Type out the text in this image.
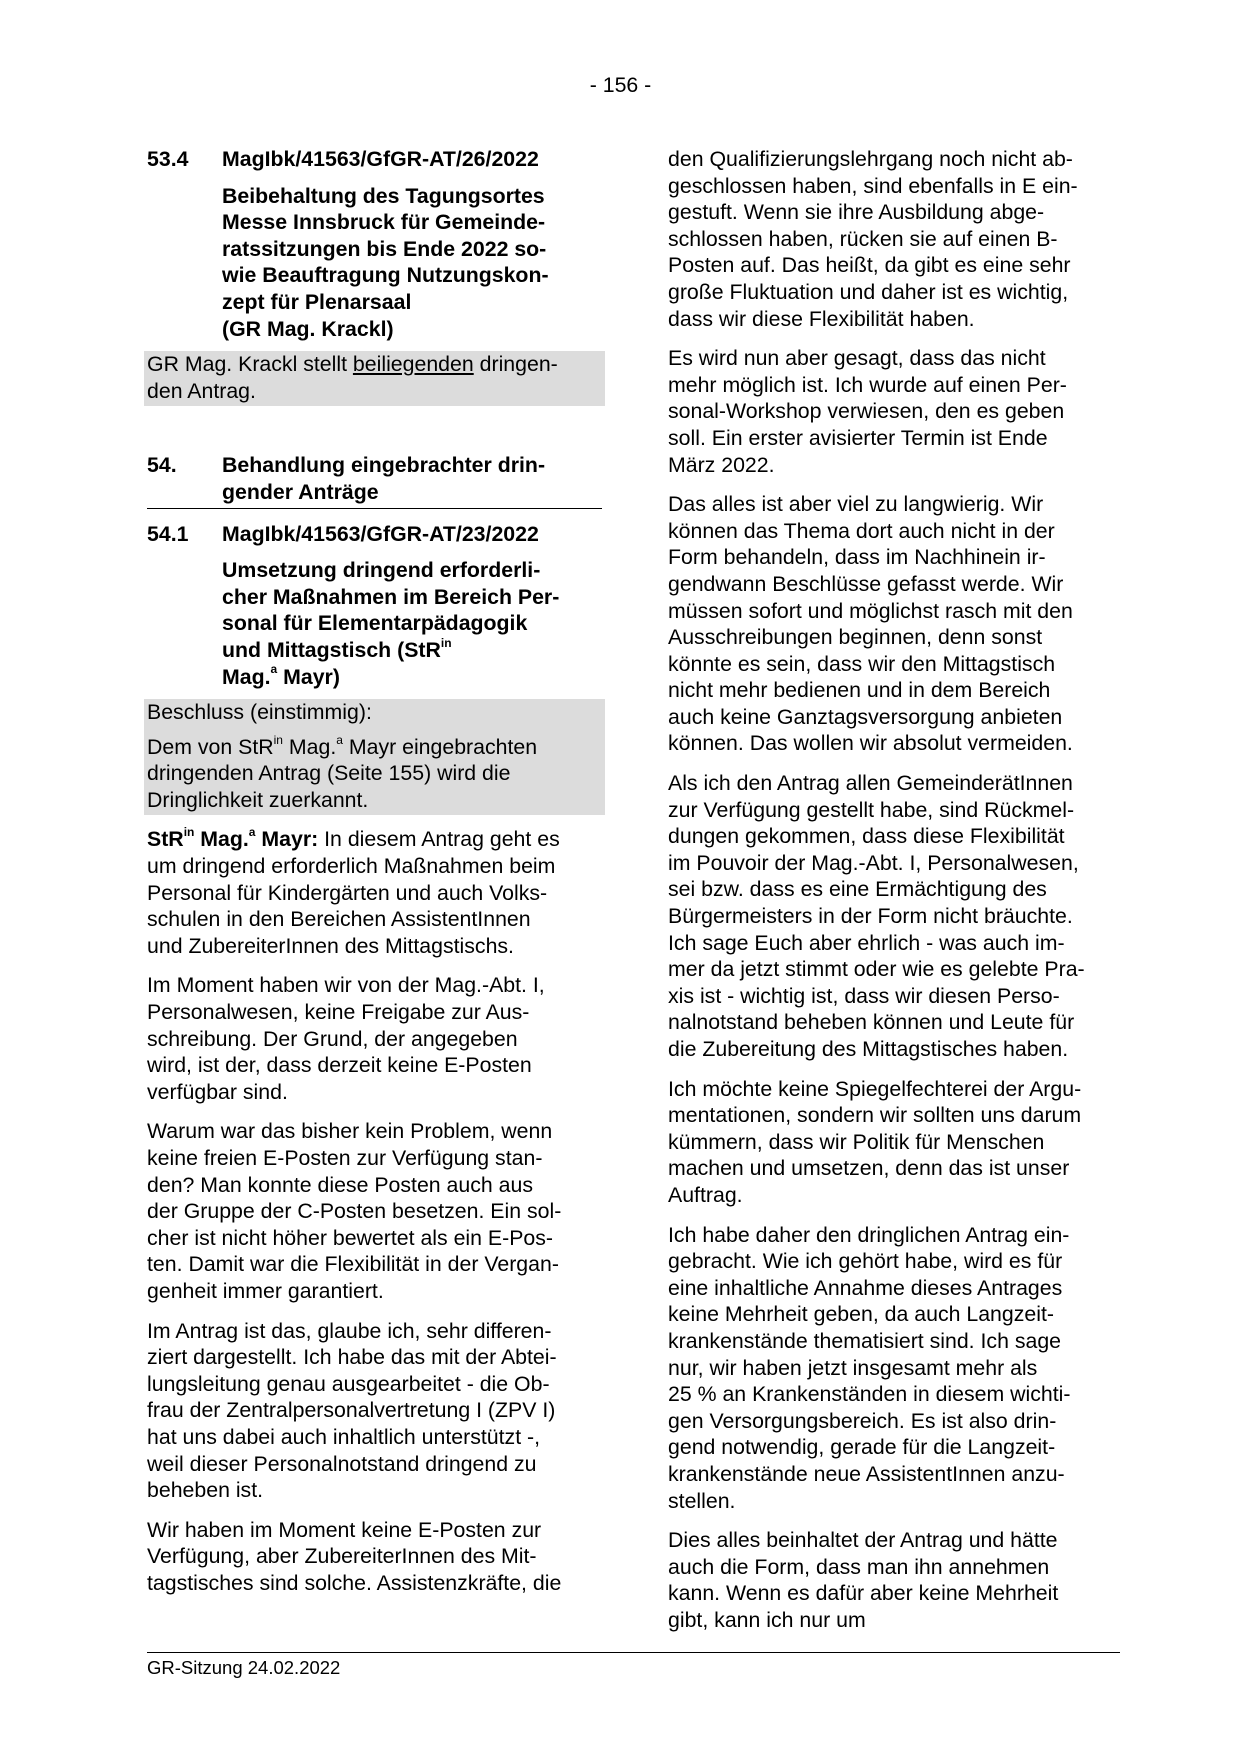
- 156 -
53.4	MagIbk/41563/GfGR-AT/26/2022
Beibehaltung des Tagungsortes
Messe Innsbruck für Gemeinde-
ratssitzungen bis Ende 2022 so-
wie Beauftragung Nutzungskon-
zept für Plenarsaal
(GR Mag. Krackl)

GR Mag. Krackl stellt beiliegenden dringen-
den Antrag.

54.	Behandlung eingebrachter drin-
gender Anträge
54.1	MagIbk/41563/GfGR-AT/23/2022
Umsetzung dringend erforderli-
cher Maßnahmen im Bereich Per-
sonal für Elementarpädagogik
und Mittagstisch (StR$^{in}$
Mag.$^a$ Mayr)

Beschluss (einstimmig):

Dem von StR$^{in}$ Mag.$^a$ Mayr eingebrachten
dringenden Antrag (Seite 155) wird die
Dringlichkeit zuerkannt.

StR$^{in}$ Mag.$^a$ Mayr: In diesem Antrag geht es
um dringend erforderlich Maßnahmen beim
Personal für Kindergärten und auch Volks-
schulen in den Bereichen AssistentInnen
und ZubereiterInnen des Mittagstischs.
Im Moment haben wir von der Mag.-Abt. I,
Personalwesen, keine Freigabe zur Aus-
schreibung. Der Grund, der angegeben
wird, ist der, dass derzeit keine E-Posten
verfügbar sind.
Warum war das bisher kein Problem, wenn
keine freien E-Posten zur Verfügung stan-
den? Man konnte diese Posten auch aus
der Gruppe der C-Posten besetzen. Ein sol-
cher ist nicht höher bewertet als ein E-Pos-
ten. Damit war die Flexibilität in der Vergan-
genheit immer garantiert.
Im Antrag ist das, glaube ich, sehr differen-
ziert dargestellt. Ich habe das mit der Abtei-
lungsleitung genau ausgearbeitet - die Ob-
frau der Zentralpersonalvertretung I (ZPV I)
hat uns dabei auch inhaltlich unterstützt -,
weil dieser Personalnotstand dringend zu
beheben ist.
Wir haben im Moment keine E-Posten zur
Verfügung, aber ZubereiterInnen des Mit-
tagstisches sind solche. Assistenzkräfte, die
den Qualifizierungslehrgang noch nicht ab-
geschlossen haben, sind ebenfalls in E ein-
gestuft. Wenn sie ihre Ausbildung abge-
schlossen haben, rücken sie auf einen B-
Posten auf. Das heißt, da gibt es eine sehr
große Fluktuation und daher ist es wichtig,
dass wir diese Flexibilität haben.
Es wird nun aber gesagt, dass das nicht
mehr möglich ist. Ich wurde auf einen Per-
sonal-Workshop verwiesen, den es geben
soll. Ein erster avisierter Termin ist Ende
März 2022.
Das alles ist aber viel zu langwierig. Wir
können das Thema dort auch nicht in der
Form behandeln, dass im Nachhinein ir-
gendwann Beschlüsse gefasst werde. Wir
müssen sofort und möglichst rasch mit den
Ausschreibungen beginnen, denn sonst
könnte es sein, dass wir den Mittagstisch
nicht mehr bedienen und in dem Bereich
auch keine Ganztagsversorgung anbieten
können. Das wollen wir absolut vermeiden.
Als ich den Antrag allen GemeinderätInnen
zur Verfügung gestellt habe, sind Rückmel-
dungen gekommen, dass diese Flexibilität
im Pouvoir der Mag.-Abt. I, Personalwesen,
sei bzw. dass es eine Ermächtigung des
Bürgermeisters in der Form nicht bräuchte.
Ich sage Euch aber ehrlich - was auch im-
mer da jetzt stimmt oder wie es gelebte Pra-
xis ist - wichtig ist, dass wir diesen Perso-
nalnotstand beheben können und Leute für
die Zubereitung des Mittagstisches haben.
Ich möchte keine Spiegelfechterei der Argu-
mentationen, sondern wir sollten uns darum
kümmern, dass wir Politik für Menschen
machen und umsetzen, denn das ist unser
Auftrag.
Ich habe daher den dringlichen Antrag ein-
gebracht. Wie ich gehört habe, wird es für
eine inhaltliche Annahme dieses Antrages
keine Mehrheit geben, da auch Langzeit-
krankenstände thematisiert sind. Ich sage
nur, wir haben jetzt insgesamt mehr als
25 % an Krankenständen in diesem wichti-
gen Versorgungsbereich. Es ist also drin-
gend notwendig, gerade für die Langzeit-
krankenstände neue AssistentInnen anzu-
stellen.
Dies alles beinhaltet der Antrag und hätte
auch die Form, dass man ihn annehmen
kann. Wenn es dafür aber keine Mehrheit
gibt, kann ich nur um
GR-Sitzung 24.02.2022
